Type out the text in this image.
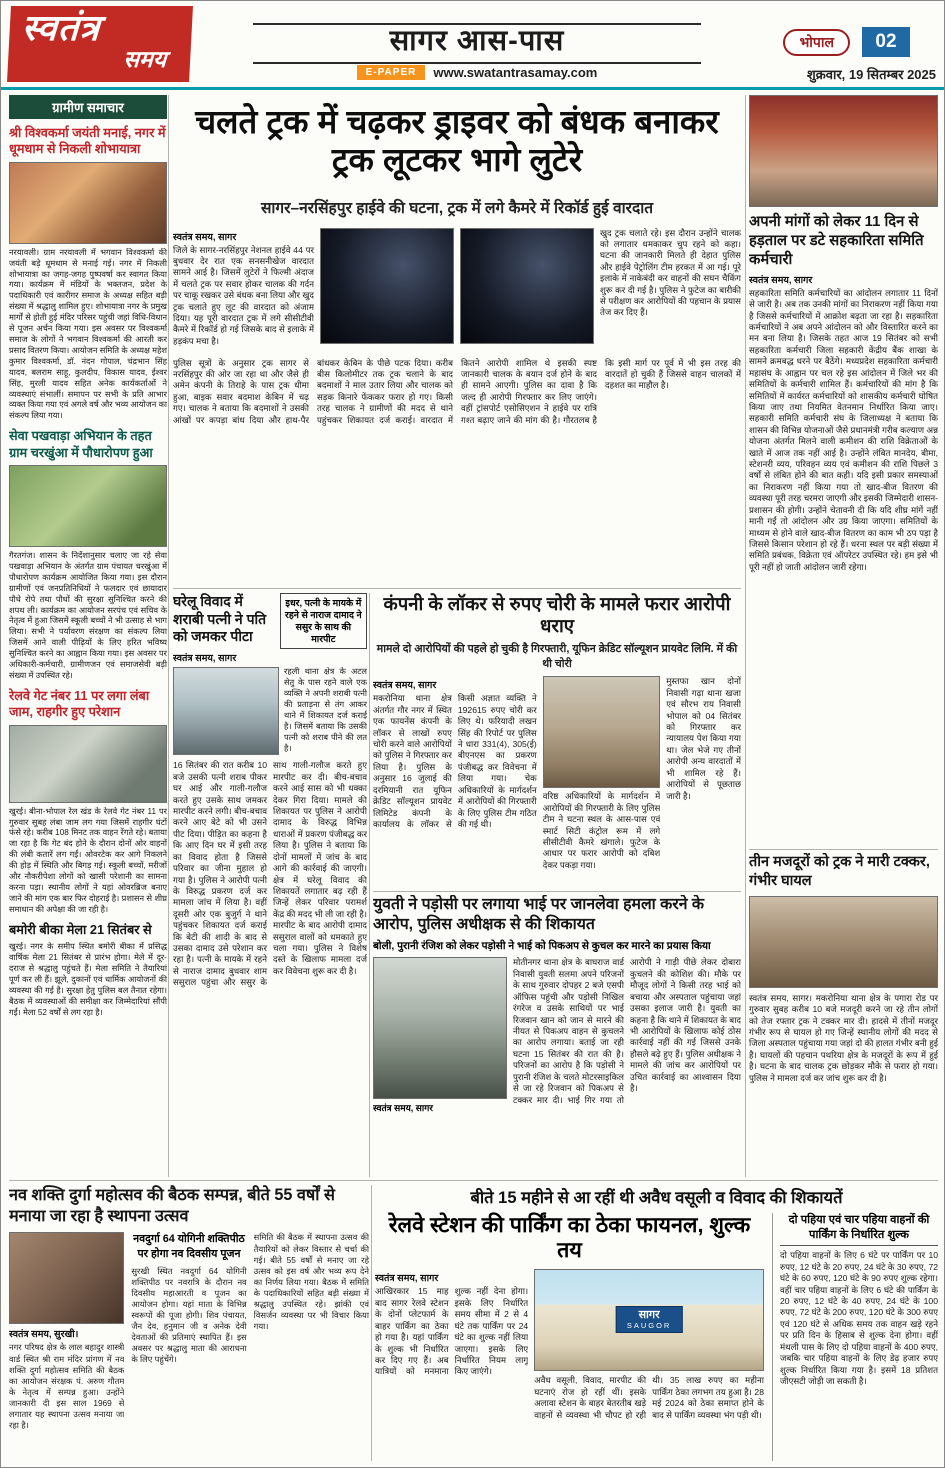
स्वतंत्र
समय
सागर आस-पास
E-PAPER	www.swatantrasamay.com
भोपाल	02
शुक्रवार, 19 सितम्बर 2025
ग्रामीण समाचार
श्री विश्वकर्मा जयंती मनाई, नगर में धूमधाम से निकली शोभायात्रा
नरयावली। ग्राम नरयावली में भगवान विश्वकर्मा की जयंती बड़े धूमधाम से मनाई गई। नगर में निकली शोभायात्रा का जगह-जगह पुष्पवर्षा कर स्वागत किया गया। कार्यक्रम में मंडियों के भक्तजन, प्रदेश के पदाधिकारी एवं कारीगर समाज के अध्यक्ष सहित बड़ी संख्या में श्रद्धालु शामिल हुए। शोभायात्रा नगर के प्रमुख मार्गों से होती हुई मंदिर परिसर पहुंची जहां विधि-विधान से पूजन अर्चन किया गया। इस अवसर पर विश्वकर्मा समाज के लोगों ने भगवान विश्वकर्मा की आरती कर प्रसाद वितरण किया। आयोजन समिति के अध्यक्ष महेश कुमार विश्वकर्मा, डॉ. नंदन गोपाल, चंद्रभान सिंह यादव, बलराम साहू, कुलदीप, विकास यादव, ईश्वर सिंह, मुरली यादव सहित अनेक कार्यकर्ताओं ने व्यवस्थाएं संभालीं। समापन पर सभी के प्रति आभार व्यक्त किया गया एवं अगले वर्ष और भव्य आयोजन का संकल्प लिया गया।
सेवा पखवाड़ा अभियान के तहत ग्राम चरखुंआ में पौधारोपण हुआ
गैरतगंज। शासन के निर्देशानुसार चलाए जा रहे सेवा पखवाड़ा अभियान के अंतर्गत ग्राम पंचायत चरखुंआ में पौधारोपण कार्यक्रम आयोजित किया गया। इस दौरान ग्रामीणों एवं जनप्रतिनिधियों ने फलदार एवं छायादार पौधे रोपे तथा पौधों की सुरक्षा सुनिश्चित करने की शपथ ली। कार्यक्रम का आयोजन सरपंच एवं सचिव के नेतृत्व में हुआ जिसमें स्कूली बच्चों ने भी उत्साह से भाग लिया। सभी ने पर्यावरण संरक्षण का संकल्प लिया जिसमें आने वाली पीढ़ियों के लिए हरित भविष्य सुनिश्चित करने का आह्वान किया गया। इस अवसर पर अधिकारी-कर्मचारी, ग्रामीणजन एवं समाजसेवी बड़ी संख्या में उपस्थित रहे।
रेलवे गेट नंबर 11 पर लगा लंबा जाम, राहगीर हुए परेशान
खुरई। बीना-भोपाल रेल खंड के रेलवे गेट नंबर 11 पर गुरुवार सुबह लंबा जाम लग गया जिसमें राहगीर घंटों फंसे रहे। करीब 108 मिनट तक वाहन रेंगते रहे। बताया जा रहा है कि गेट बंद होने के दौरान दोनों ओर वाहनों की लंबी कतारें लग गईं। ओवरटेक कर आगे निकलने की होड़ में स्थिति और बिगड़ गई। स्कूली बच्चों, मरीजों और नौकरीपेशा लोगों को खासी परेशानी का सामना करना पड़ा। स्थानीय लोगों ने यहां ओवरब्रिज बनाए जाने की मांग एक बार फिर दोहराई है। प्रशासन से शीघ्र समाधान की अपेक्षा की जा रही है।
बमोरी बीका मेला 21 सितंबर से
खुरई। नगर के समीप स्थित बमोरी बीका में प्रसिद्ध वार्षिक मेला 21 सितंबर से प्रारंभ होगा। मेले में दूर-दराज से श्रद्धालु पहुंचते हैं। मेला समिति ने तैयारियां पूर्ण कर ली हैं। झूले, दुकानों एवं धार्मिक आयोजनों की व्यवस्था की गई है। सुरक्षा हेतु पुलिस बल तैनात रहेगा। बैठक में व्यवस्थाओं की समीक्षा कर जिम्मेदारियां सौंपी गईं। मेला 52 वर्षों से लग रहा है।
चलते ट्रक में चढ़कर ड्राइवर को बंधक बनाकर ट्रक लूटकर भागे लुटेरे
सागर–नरसिंहपुर हाईवे की घटना, ट्रक में लगे कैमरे में रिकॉर्ड हुई वारदात
स्वतंत्र समय, सागर
जिले के सागर-नरसिंहपुर नेशनल हाईवे 44 पर बुधवार देर रात एक सनसनीखेज वारदात सामने आई है। जिसमें लुटेरों ने फिल्मी अंदाज में चलते ट्रक पर सवार होकर चालक की गर्दन पर चाकू रखकर उसे बंधक बना लिया और खुद ट्रक चलाते हुए लूट की वारदात को अंजाम दिया। यह पूरी वारदात ट्रक में लगे सीसीटीवी कैमरे में रिकॉर्ड हो गई जिसके बाद से इलाके में हड़कंप मचा है।
खुद ट्रक चलाते रहे। इस दौरान उन्होंने चालक को लगातार धमकाकर चुप रहने को कहा। घटना की जानकारी मिलते ही देहात पुलिस और हाईवे पेट्रोलिंग टीम हरकत में आ गई। पूरे इलाके में नाकेबंदी कर वाहनों की सघन चैकिंग शुरू कर दी गई है। पुलिस ने फुटेज का बारीकी से परीक्षण कर आरोपियों की पहचान के प्रयास तेज कर दिए हैं।
पुलिस सूत्रों के अनुसार ट्रक सागर से नरसिंहपुर की ओर जा रहा था और जैसे ही अमेन कंपनी के तिराहे के पास ट्रक धीमा हुआ, बाइक सवार बदमाश केबिन में चढ़ गए। चालक ने बताया कि बदमाशों ने उसकी आंखों पर कपड़ा बांध दिया और हाथ-पैर बांधकर केबिन के पीछे पटक दिया। करीब बीस किलोमीटर तक ट्रक चलाने के बाद बदमाशों ने माल उतार लिया और चालक को सड़क किनारे फेंककर फरार हो गए। किसी तरह चालक ने ग्रामीणों की मदद से थाने पहुंचकर शिकायत दर्ज कराई। वारदात में कितने आरोपी शामिल थे इसकी स्पष्ट जानकारी चालक के बयान दर्ज होने के बाद ही सामने आएगी। पुलिस का दावा है कि जल्द ही आरोपी गिरफ्तार कर लिए जाएंगे। वहीं ट्रांसपोर्ट एसोसिएशन ने हाईवे पर रात्रि गश्त बढ़ाए जाने की मांग की है। गौरतलब है कि इसी मार्ग पर पूर्व में भी इस तरह की वारदातें हो चुकी हैं जिससे वाहन चालकों में दहशत का माहौल है।
अपनी मांगों को लेकर 11 दिन से हड़ताल पर डटे सहकारिता समिति कर्मचारी
स्वतंत्र समय, सागर
सहकारिता समिति कर्मचारियों का आंदोलन लगातार 11 दिनों से जारी है। अब तक उनकी मांगों का निराकरण नहीं किया गया है जिससे कर्मचारियों में आक्रोश बढ़ता जा रहा है। सहकारिता कर्मचारियों ने अब अपने आंदोलन को और विस्तारित करने का मन बना लिया है। जिसके तहत आज 19 सितंबर को सभी सहकारिता कर्मचारी जिला सहकारी केंद्रीय बैंक शाखा के सामने क्रमबद्ध धरने पर बैठेंगे। मध्यप्रदेश सहकारिता कर्मचारी महासंघ के आह्वान पर चल रहे इस आंदोलन में जिले भर की समितियों के कर्मचारी शामिल हैं। कर्मचारियों की मांग है कि समितियों में कार्यरत कर्मचारियों को शासकीय कर्मचारी घोषित किया जाए तथा नियमित वेतनमान निर्धारित किया जाए। सहकारी समिति कर्मचारी संघ के जिलाध्यक्ष ने बताया कि शासन की विभिन्न योजनाओं जैसे प्रधानमंत्री गरीब कल्याण अन्न योजना अंतर्गत मिलने वाली कमीशन की राशि विक्रेताओं के खाते में आज तक नहीं आई है। उन्होंने लंबित मानदेय, बीमा, स्टेशनरी व्यय, परिवहन व्यय एवं कमीशन की राशि पिछले 3 वर्षों से लंबित होने की बात कही। यदि इसी प्रकार समस्याओं का निराकरण नहीं किया गया तो खाद-बीज वितरण की व्यवस्था पूरी तरह चरमरा जाएगी और इसकी जिम्मेदारी शासन-प्रशासन की होगी। उन्होंने चेतावनी दी कि यदि शीघ्र मांगें नहीं मानी गईं तो आंदोलन और उग्र किया जाएगा। समितियों के माध्यम से होने वाले खाद-बीज वितरण का काम भी ठप पड़ा है जिससे किसान परेशान हो रहे हैं। धरना स्थल पर बड़ी संख्या में समिति प्रबंधक, विक्रेता एवं ऑपरेटर उपस्थित रहे। हम इसे भी पूरी नहीं हो जाती आंदोलन जारी रहेगा।
घरेलू विवाद में शराबी पत्नी ने पति को जमकर पीटा
इधर, पत्नी के मायके में रहने से नाराज दामाद ने ससुर के साथ की मारपीट
स्वतंत्र समय, सागर
रहली थाना क्षेत्र के अटल सेतु के पास रहने वाले एक व्यक्ति ने अपनी शराबी पत्नी की प्रताड़ना से तंग आकर थाने में शिकायत दर्ज कराई है। जिसमें बताया कि उसकी पत्नी को शराब पीने की लत है।
16 सितंबर की रात करीब 10 बजे उसकी पत्नी शराब पीकर घर आई और गाली-गलौज करते हुए उसके साथ जमकर मारपीट करने लगी। बीच-बचाव करने आए बेटे को भी उसने पीट दिया। पीड़ित का कहना है कि आए दिन घर में इसी तरह का विवाद होता है जिससे परिवार का जीना मुहाल हो गया है। पुलिस ने आरोपी पत्नी के विरुद्ध प्रकरण दर्ज कर मामला जांच में लिया है। वहीं दूसरी ओर एक बुजुर्ग ने थाने पहुंचकर शिकायत दर्ज कराई कि बेटी की शादी के बाद से उसका दामाद उसे परेशान कर रहा है। पत्नी के मायके में रहने से नाराज दामाद बुधवार शाम ससुराल पहुंचा और ससुर के साथ गाली-गलौज करते हुए मारपीट कर दी। बीच-बचाव करने आई सास को भी धक्का देकर गिरा दिया। मामले की शिकायत पर पुलिस ने आरोपी दामाद के विरुद्ध विभिन्न धाराओं में प्रकरण पंजीबद्ध कर लिया है। पुलिस ने बताया कि दोनों मामलों में जांच के बाद आगे की कार्रवाई की जाएगी। क्षेत्र में घरेलू विवाद की शिकायतें लगातार बढ़ रही हैं जिन्हें लेकर परिवार परामर्श केंद्र की मदद भी ली जा रही है। मारपीट के बाद आरोपी दामाद ससुराल वालों को धमकाते हुए चला गया। पुलिस ने विशेष दस्ते के खिलाफ मामला दर्ज कर विवेचना शुरू कर दी है।
कंपनी के लॉकर से रुपए चोरी के मामले फरार आरोपी धराए
मामले दो आरोपियों की पहले हो चुकी है गिरफ्तारी, यूफिन क्रेडिट सॉल्यूशन प्रायवेट लिमि. में की थी चोरी
स्वतंत्र समय, सागर
मकरोनिया थाना क्षेत्र अंतर्गत गौर नगर में स्थित एक फायनेंस कंपनी के लॉकर से लाखों रुपए चोरी करने वाले आरोपियों को पुलिस ने गिरफ्तार कर लिया है। पुलिस के अनुसार 16 जुलाई की दरमियानी रात यूफिन क्रेडिट सॉल्यूशन प्रायवेट लिमिटेड कंपनी के कार्यालय के लॉकर से किसी अज्ञात व्यक्ति ने 192615 रुपए चोरी कर लिए थे। फरियादी लखन सिंह की रिपोर्ट पर पुलिस ने धारा 331(4), 305(ई) बीएनएस का प्रकरण पंजीबद्ध कर विवेचना में लिया गया। चेक अधिकारियों के मार्गदर्शन में आरोपियों की गिरफ्तारी के लिए पुलिस टीम गठित की गई थी।
वरिष्ठ अधिकारियों के मार्गदर्शन में आरोपियों की गिरफ्तारी के लिए पुलिस टीम ने घटना स्थल के आस-पास एवं स्मार्ट सिटी कंट्रोल रूम में लगे सीसीटीवी कैमरे खंगाले। फुटेज के आधार पर फरार आरोपी को दबिश देकर पकड़ा गया।
मुस्तफा खान दोनों निवासी गढ़ा थाना खजा एवं सौरभ राय निवासी भोपाल को 04 सितंबर को गिरफ्तार कर न्यायालय पेश किया गया था। जेल भेजे गए तीनों आरोपी अन्य वारदातों में भी शामिल रहे हैं। आरोपियों से पूछताछ जारी है।
युवती ने पड़ोसी पर लगाया भाई पर जानलेवा हमला करने के आरोप, पुलिस अधीक्षक से की शिकायत
बोली, पुरानी रंजिश को लेकर पड़ोसी ने भाई को पिकअप से कुचल कर मारने का प्रयास किया
स्वतंत्र समय, सागर
मोतीनगर थाना क्षेत्र के बाघराज वार्ड निवासी युवती सलमा अपने परिजनों के साथ गुरुवार दोपहर 2 बजे एसपी ऑफिस पहुंची और पड़ोसी निखिल रंगरेज व उसके साथियों पर भाई रिजवान खान को जान से मारने की नीयत से पिकअप वाहन से कुचलने का आरोप लगाया। बताई जा रही घटना 15 सितंबर की रात की है। परिजनों का आरोप है कि पड़ोसी ने पुरानी रंजिश के चलते मोटरसाइकिल से जा रहे रिजवान को पिकअप से टक्कर मार दी। भाई गिर गया तो आरोपी ने गाड़ी पीछे लेकर दोबारा कुचलने की कोशिश की। मौके पर मौजूद लोगों ने किसी तरह भाई को बचाया और अस्पताल पहुंचाया जहां उसका इलाज जारी है। युवती का कहना है कि थाने में शिकायत के बाद भी आरोपियों के खिलाफ कोई ठोस कार्रवाई नहीं की गई जिससे उनके हौसले बढ़े हुए हैं। पुलिस अधीक्षक ने मामले की जांच कर आरोपियों पर उचित कार्रवाई का आश्वासन दिया है।
तीन मजदूरों को ट्रक ने मारी टक्कर, गंभीर घायल
स्वतंत्र समय, सागर। मकरोनिया थाना क्षेत्र के पगारा रोड पर गुरुवार सुबह करीब 10 बजे मजदूरी करने जा रहे तीन लोगों को तेज रफ्तार ट्रक ने टक्कर मार दी। हादसे में तीनों मजदूर गंभीर रूप से घायल हो गए जिन्हें स्थानीय लोगों की मदद से जिला अस्पताल पहुंचाया गया जहां दो की हालत गंभीर बनी हुई है। घायलों की पहचान पथरिया क्षेत्र के मजदूरों के रूप में हुई है। घटना के बाद चालक ट्रक छोड़कर मौके से फरार हो गया। पुलिस ने मामला दर्ज कर जांच शुरू कर दी है।
नव शक्ति दुर्गा महोत्सव की बैठक सम्पन्न, बीते 55 वर्षों से मनाया जा रहा है स्थापना उत्सव
स्वतंत्र समय, सुरखी।
नगर परिषद क्षेत्र के लाल बहादुर शास्त्री वार्ड स्थित श्री राम मंदिर प्रांगण में नव शक्ति दुर्गा महोत्सव समिति की बैठक का आयोजन संरक्षक पं. अरुण गौतम के नेतृत्व में सम्पन्न हुआ। उन्होंने जानकारी दी इस साल 1969 से लगातार यह स्थापना उत्सव मनाया जा रहा है।
नवदुर्गा 64 योगिनी शक्तिपीठ पर होगा नव दिवसीय पूजन
सुरखी स्थित नवदुर्गा 64 योगिनी शक्तिपीठ पर नवरात्रि के दौरान नव दिवसीय महाआरती व पूजन का आयोजन होगा। यहां माता के विभिन्न स्वरूपों की पूजा होगी। शिव पंचायत, जैन देव, हनुमान जी व अनेक देवी देवताओं की प्रतिमाएं स्थापित हैं। इस अवसर पर श्रद्धालु माता की आराधना के लिए पहुंचेंगे।
समिति की बैठक में स्थापना उत्सव की तैयारियों को लेकर विस्तार से चर्चा की गई। बीते 55 वर्षों से मनाए जा रहे उत्सव को इस वर्ष और भव्य रूप देने का निर्णय लिया गया। बैठक में समिति के पदाधिकारियों सहित बड़ी संख्या में श्रद्धालु उपस्थित रहे। झांकी एवं विसर्जन व्यवस्था पर भी विचार किया गया।
बीते 15 महीने से आ रहीं थी अवैध वसूली व विवाद की शिकायतें
रेलवे स्टेशन की पार्किंग का ठेका फायनल, शुल्क तय
स्वतंत्र समय, सागर
आखिरकार 15 माह बाद सागर रेलवे स्टेशन के दोनों प्लेटफार्म के बाहर पार्किंग का ठेका हो गया है। यहां पार्किंग के शुल्क भी निर्धारित कर दिए गए हैं। अब यात्रियों को मनमाना शुल्क नहीं देना होगा। इसके लिए निर्धारित समय सीमा में 2 से 4 घंटे तक पार्किंग पर 24 घंटे का शुल्क नहीं लिया जाएगा। इसके लिए निर्धारित नियम लागू किए जाएंगे।
सागर
SAUGOR
अवैध वसूली, विवाद, मारपीट की घटनाएं रोज हो रहीं थीं। इसके अलावा स्टेशन के बाहर बेतरतीब खड़े वाहनों से व्यवस्था भी चौपट हो रही थी। 35 लाख रुपए का महीना पार्किंग ठेका लगभग तय हुआ है। 28 मई 2024 को ठेका समाप्त होने के बाद से पार्किंग व्यवस्था भंग पड़ी थी।
दो पहिया एवं चार पहिया वाहनों की पार्किंग के निर्धारित शुल्क
दो पहिया वाहनों के लिए 6 घंटे पर पार्किंग पर 10 रुपए, 12 घंटे के 20 रुपए, 24 घंटे के 30 रुपए, 72 घंटे के 60 रुपए, 120 घंटे के 90 रुपए शुल्क रहेगा। वहीं चार पहिया वाहनों के लिए 6 घंटे की पार्किंग के 20 रुपए, 12 घंटे के 40 रुपए, 24 घंटे के 100 रुपए, 72 घंटे के 200 रुपए, 120 घंटे के 300 रुपए एवं 120 घंटे से अधिक समय तक वाहन खड़े रहने पर प्रति दिन के हिसाब से शुल्क देना होगा। वहीं मंथली पास के लिए दो पहिया वाहनों के 400 रुपए, जबकि चार पहिया वाहनों के लिए डेढ़ हजार रुपए शुल्क निर्धारित किया गया है। इसमें 18 प्रतिशत जीएसटी जोड़ी जा सकती है।
